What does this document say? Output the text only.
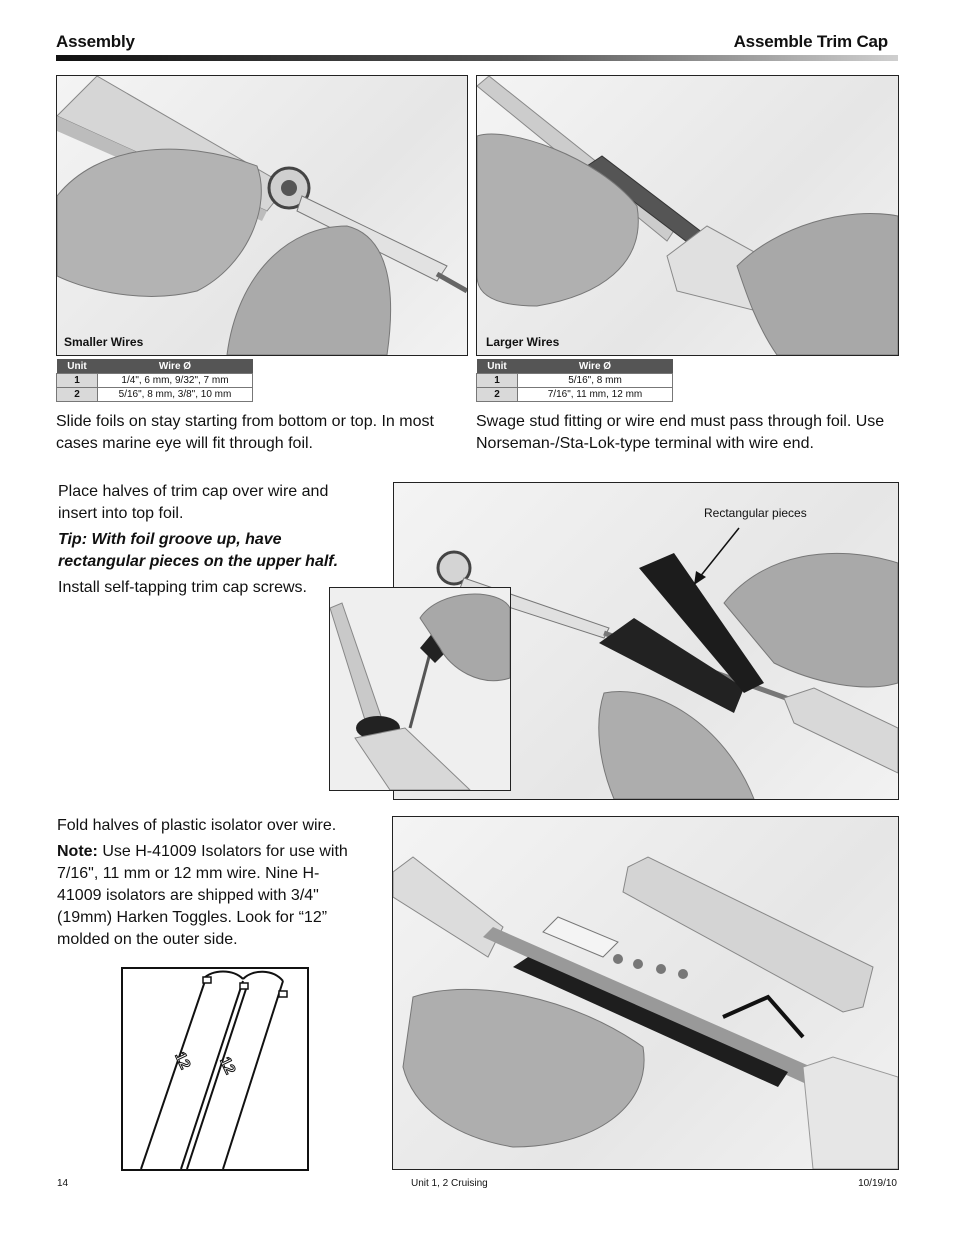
Assembly	Assemble Trim Cap
Smaller Wires
Unit	Wire Ø
1	1/4", 6 mm, 9/32", 7 mm
2	5/16", 8 mm, 3/8", 10 mm
Slide foils on stay starting from bottom or top. In most cases marine eye will fit through foil.
Larger Wires
Unit	Wire Ø
1	5/16", 8 mm
2	7/16", 11 mm, 12 mm
Swage stud fitting or wire end must pass through foil. Use Norseman-/Sta-Lok-type terminal with wire end.
Place halves of trim cap over wire and insert into top foil.
Tip: With foil groove up, have rectangular pieces on the upper half.
Install self-tapping trim cap screws.
Rectangular pieces
Fold halves of plastic isolator over wire.
Note: Use H-41009 Isolators for use with 7/16", 11 mm or 12 mm wire. Nine H-41009 isolators are shipped with 3/4"(19mm) Harken Toggles. Look for “12” molded on the outer side.
12 12
14	Unit 1, 2 Cruising	10/19/10
